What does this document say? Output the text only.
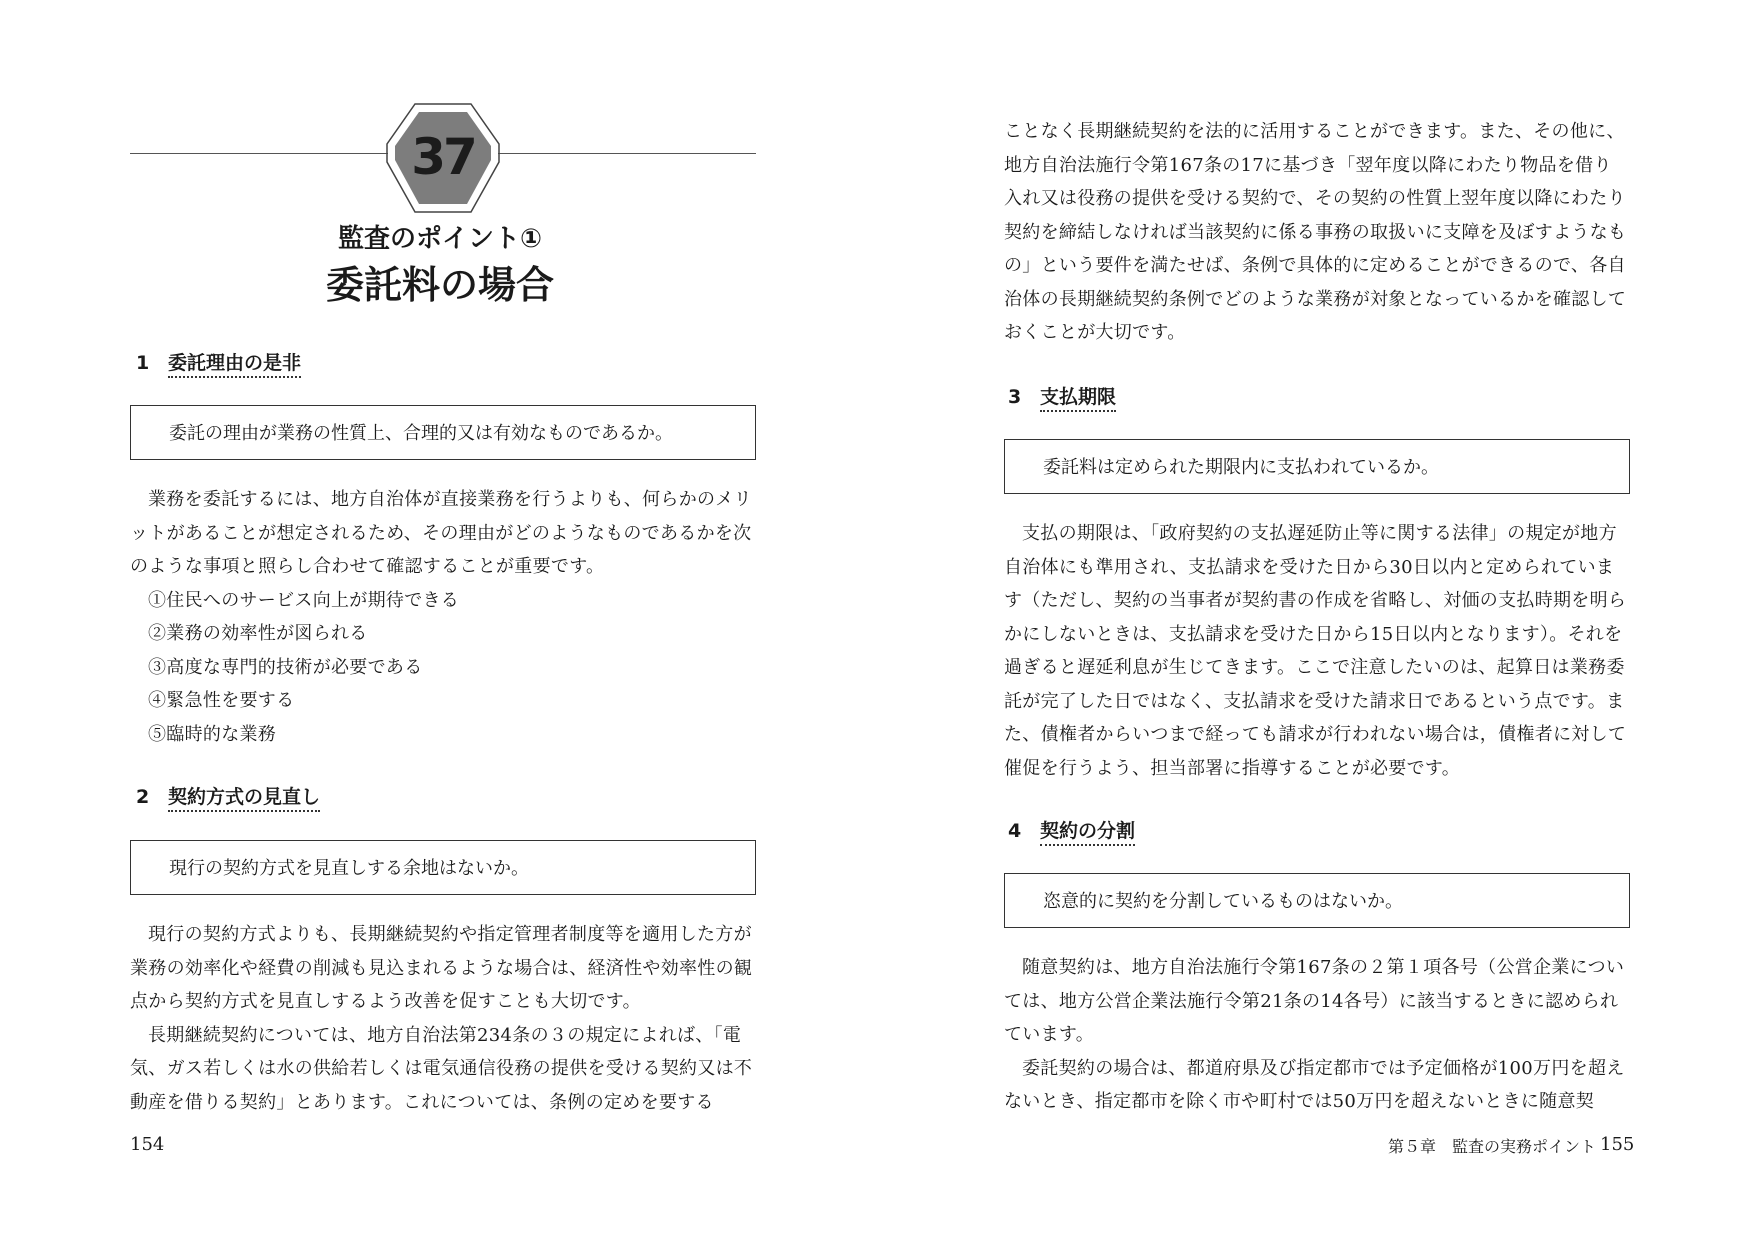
37
監査のポイント①
委託料の場合
1 委託理由の是非
委託の理由が業務の性質上、合理的又は有効なものであるか。

業務を委託するには、地方自治体が直接業務を行うよりも、何らかのメリットがあることが想定されるため、その理由がどのようなものであるかを次のような事項と照らし合わせて確認することが重要です。

①住民へのサービス向上が期待できる
②業務の効率性が図られる
③高度な専門的技術が必要である
④緊急性を要する
⑤臨時的な業務
2 契約方式の見直し
現行の契約方式を見直しする余地はないか。

現行の契約方式よりも、長期継続契約や指定管理者制度等を適用した方が業務の効率化や経費の削減も見込まれるような場合は、経済性や効率性の観点から契約方式を見直しするよう改善を促すことも大切です。

長期継続契約については、地方自治法第234条の３の規定によれば、「電気、ガス若しくは水の供給若しくは電気通信役務の提供を受ける契約又は不動産を借りる契約」とあります。これについては、条例の定めを要する

154

ことなく長期継続契約を法的に活用することができます。また、その他に、地方自治法施行令第167条の17に基づき「翌年度以降にわたり物品を借り入れ又は役務の提供を受ける契約で、その契約の性質上翌年度以降にわたり契約を締結しなければ当該契約に係る事務の取扱いに支障を及ぼすようなもの」という要件を満たせば、条例で具体的に定めることができるので、各自治体の長期継続契約条例でどのような業務が対象となっているかを確認しておくことが大切です。

3 支払期限
委託料は定められた期限内に支払われているか。

支払の期限は、「政府契約の支払遅延防止等に関する法律」の規定が地方自治体にも準用され、支払請求を受けた日から30日以内と定められています（ただし、契約の当事者が契約書の作成を省略し、対価の支払時期を明らかにしないときは、支払請求を受けた日から15日以内となります）。それを過ぎると遅延利息が生じてきます。ここで注意したいのは、起算日は業務委託が完了した日ではなく、支払請求を受けた請求日であるという点です。また、債権者からいつまで経っても請求が行われない場合は，債権者に対して催促を行うよう、担当部署に指導することが必要です。

4 契約の分割
恣意的に契約を分割しているものはないか。

随意契約は、地方自治法施行令第167条の２第１項各号（公営企業については、地方公営企業法施行令第21条の14各号）に該当するときに認められています。

委託契約の場合は、都道府県及び指定都市では予定価格が100万円を超えないとき、指定都市を除く市や町村では50万円を超えないときに随意契

第５章　監査の実務ポイント 155
